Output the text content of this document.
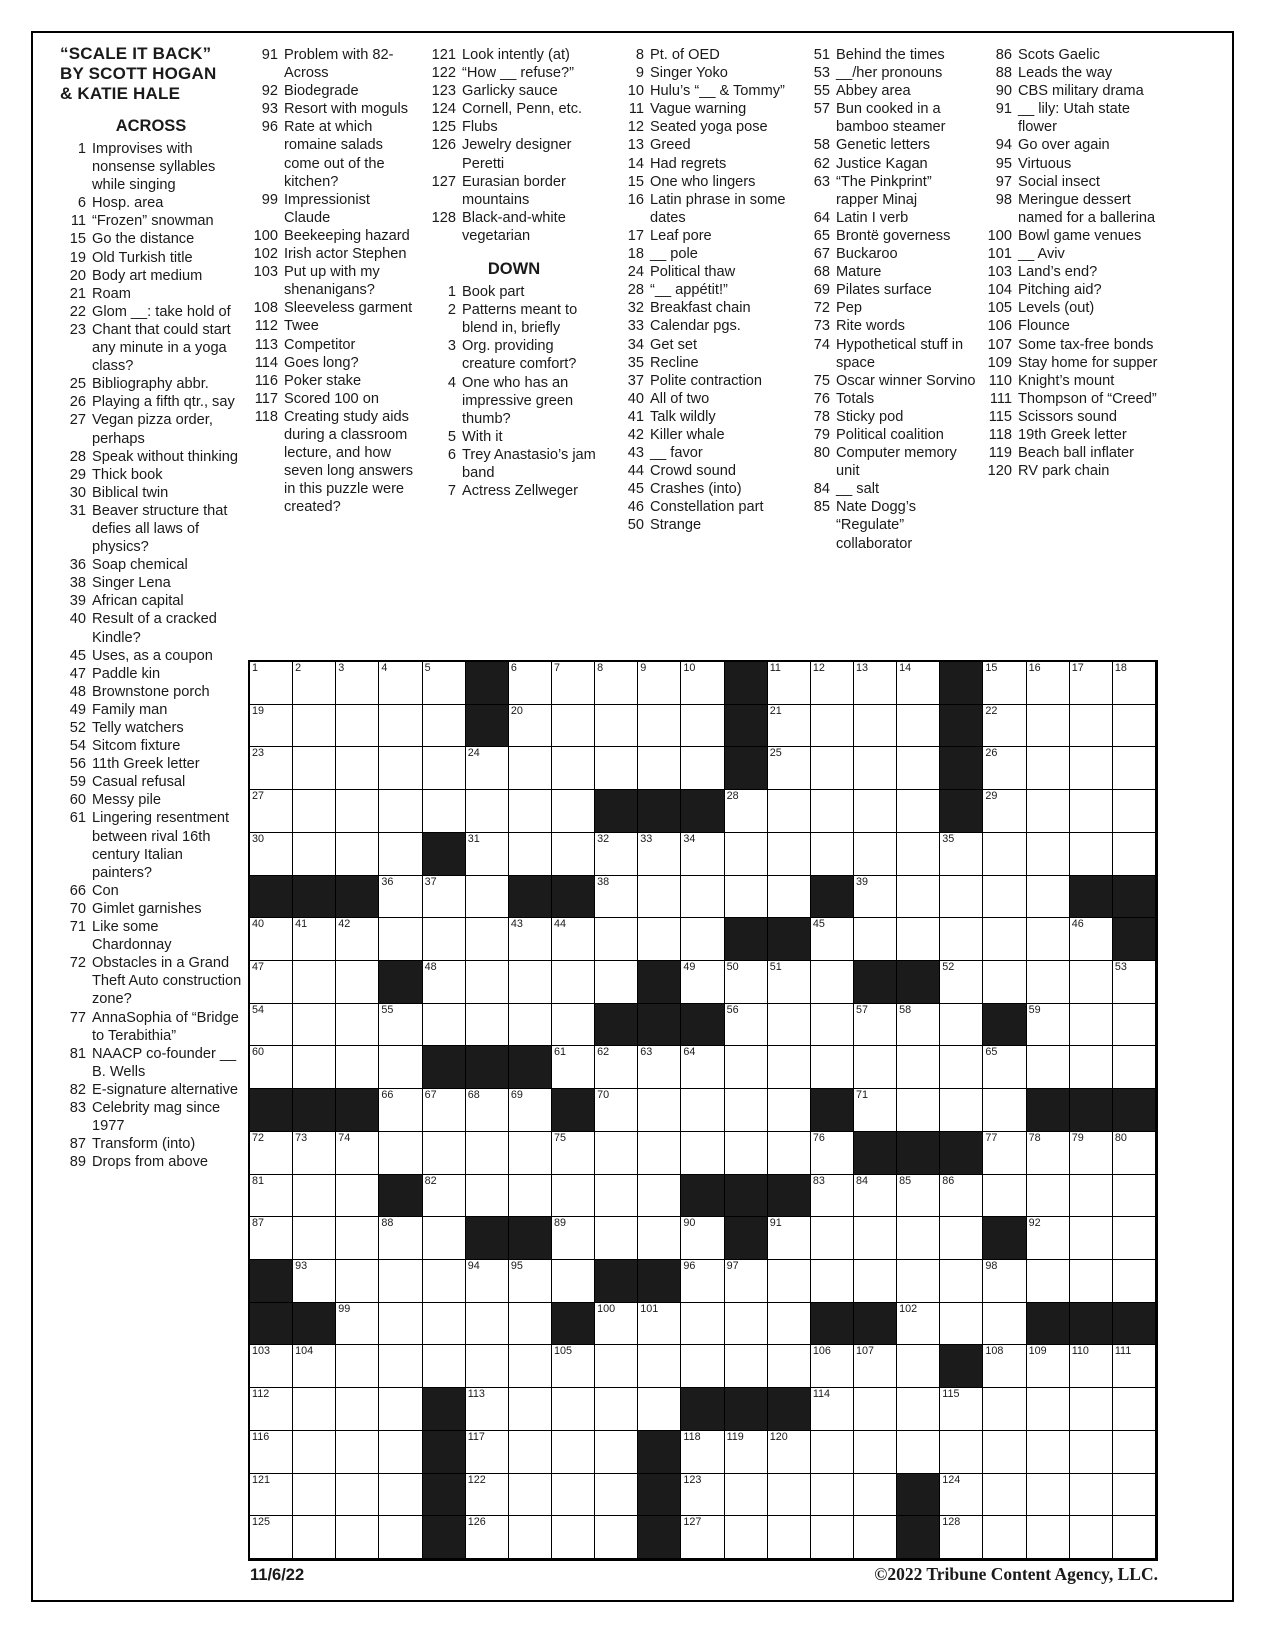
“SCALE IT BACK”
BY SCOTT HOGAN
& KATIE HALE
ACROSS
1 Improvises with nonsense syllables while singing
6 Hosp. area
11 “Frozen” snowman
15 Go the distance
19 Old Turkish title
20 Body art medium
21 Roam
22 Glom __: take hold of
23 Chant that could start any minute in a yoga class?
25 Bibliography abbr.
26 Playing a fifth qtr., say
27 Vegan pizza order, perhaps
28 Speak without thinking
29 Thick book
30 Biblical twin
31 Beaver structure that defies all laws of physics?
36 Soap chemical
38 Singer Lena
39 African capital
40 Result of a cracked Kindle?
45 Uses, as a coupon
47 Paddle kin
48 Brownstone porch
49 Family man
52 Telly watchers
54 Sitcom fixture
56 11th Greek letter
59 Casual refusal
60 Messy pile
61 Lingering resentment between rival 16th century Italian painters?
66 Con
70 Gimlet garnishes
71 Like some Chardonnay
72 Obstacles in a Grand Theft Auto construction zone?
77 AnnaSophia of “Bridge to Terabithia”
81 NAACP co-founder __ B. Wells
82 E-signature alternative
83 Celebrity mag since 1977
87 Transform (into)
89 Drops from above
91 Problem with 82-Across
92 Biodegrade
93 Resort with moguls
96 Rate at which romaine salads come out of the kitchen?
99 Impressionist Claude
100 Beekeeping hazard
102 Irish actor Stephen
103 Put up with my shenanigans?
108 Sleeveless garment
112 Twee
113 Competitor
114 Goes long?
116 Poker stake
117 Scored 100 on
118 Creating study aids during a classroom lecture, and how seven long answers in this puzzle were created?
121 Look intently (at)
122 “How __ refuse?”
123 Garlicky sauce
124 Cornell, Penn, etc.
125 Flubs
126 Jewelry designer Peretti
127 Eurasian border mountains
128 Black-and-white vegetarian
DOWN
1 Book part
2 Patterns meant to blend in, briefly
3 Org. providing creature comfort?
4 One who has an impressive green thumb?
5 With it
6 Trey Anastasio’s jam band
7 Actress Zellweger
8 Pt. of OED
9 Singer Yoko
10 Hulu’s “__ & Tommy”
11 Vague warning
12 Seated yoga pose
13 Greed
14 Had regrets
15 One who lingers
16 Latin phrase in some dates
17 Leaf pore
18 __ pole
24 Political thaw
28 “__ appétit!”
32 Breakfast chain
33 Calendar pgs.
34 Get set
35 Recline
37 Polite contraction
40 All of two
41 Talk wildly
42 Killer whale
43 __ favor
44 Crowd sound
45 Crashes (into)
46 Constellation part
50 Strange
51 Behind the times
53 __/her pronouns
55 Abbey area
57 Bun cooked in a bamboo steamer
58 Genetic letters
62 Justice Kagan
63 “The Pinkprint” rapper Minaj
64 Latin I verb
65 Brontë governess
67 Buckaroo
68 Mature
69 Pilates surface
72 Pep
73 Rite words
74 Hypothetical stuff in space
75 Oscar winner Sorvino
76 Totals
78 Sticky pod
79 Political coalition
80 Computer memory unit
84 __ salt
85 Nate Dogg’s “Regulate” collaborator
86 Scots Gaelic
88 Leads the way
90 CBS military drama
91 __ lily: Utah state flower
94 Go over again
95 Virtuous
97 Social insect
98 Meringue dessert named for a ballerina
100 Bowl game venues
101 __ Aviv
103 Land’s end?
104 Pitching aid?
105 Levels (out)
106 Flounce
107 Some tax-free bonds
109 Stay home for supper
110 Knight’s mount
111 Thompson of “Creed”
115 Scissors sound
118 19th Greek letter
119 Beach ball inflater
120 RV park chain
1	2	3	4	5	6	7	8	9	10	11	12	13	14	15	16	17	18
19	20	21	22
23	24	25	26
27	28	29
30	31	32	33	34	35
36	37	38	39
40	41	42	43	44	45	46
47	48	49	50	51	52	53
54	55	56	57	58	59
60	61	62	63	64	65
66	67	68	69	70	71
72	73	74	75	76	77	78	79	80
81	82	83	84	85	86
87	88	89	90	91	92
93	94	95	96	97	98
99	100 101	102
103 104	105	106 107	108 109 110 111
112	113	114	115
116	117	118 119 120
121	122	123	124
125	126	127	128
11/6/22	©2022 Tribune Content Agency, LLC.
